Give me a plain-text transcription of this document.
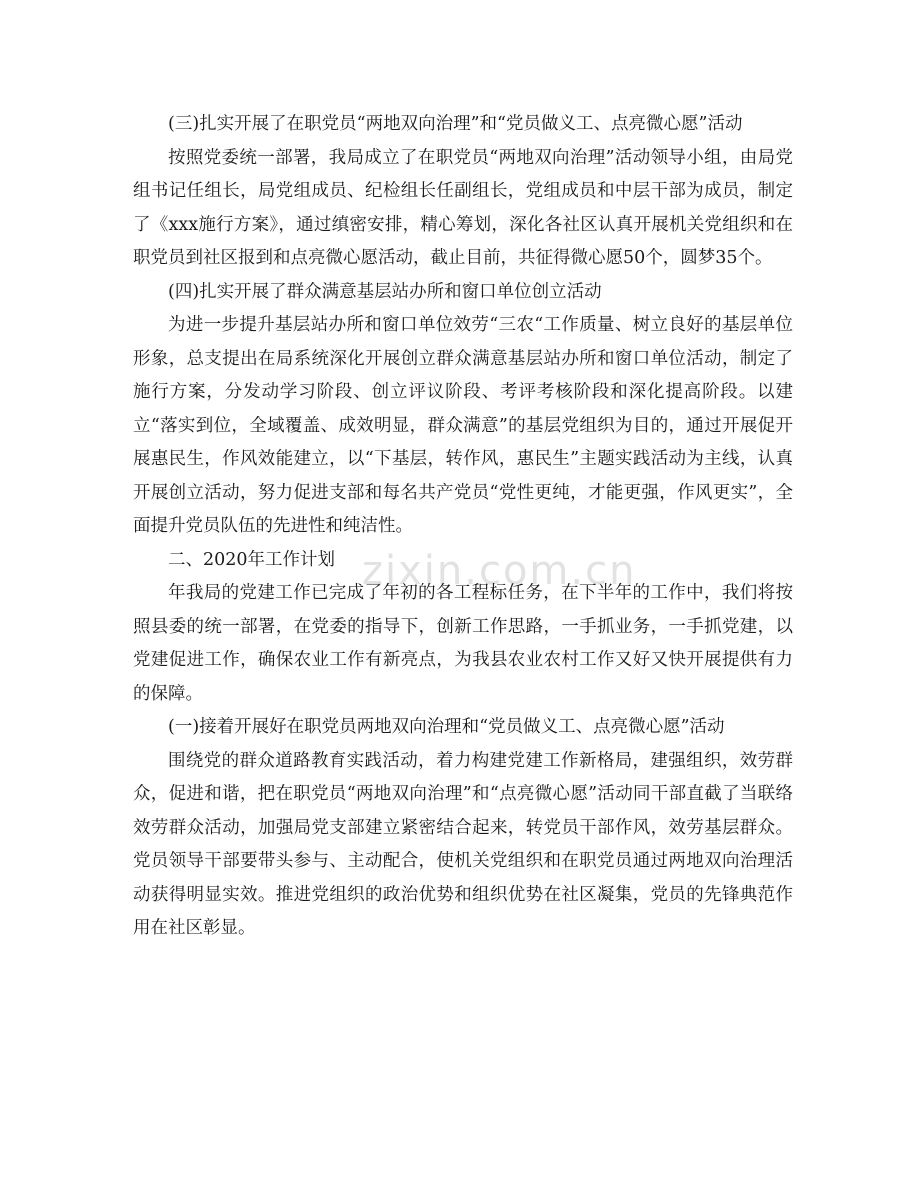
zixin.com.cn

(三)扎实开展了在职党员“两地双向治理”和“党员做义工、点亮微心愿”活动

按照党委统一部署，我局成立了在职党员“两地双向治理”活动领导小组，由局党组书记任组长，局党组成员、纪检组长任副组长，党组成员和中层干部为成员，制定了《xxx施行方案》，通过缜密安排，精心筹划，深化各社区认真开展机关党组织和在职党员到社区报到和点亮微心愿活动，截止目前，共征得微心愿50个，圆梦35个。

(四)扎实开展了群众满意基层站办所和窗口单位创立活动

为进一步提升基层站办所和窗口单位效劳“三农“工作质量、树立良好的基层单位形象，总支提出在局系统深化开展创立群众满意基层站办所和窗口单位活动，制定了施行方案，分发动学习阶段、创立评议阶段、考评考核阶段和深化提高阶段。以建立“落实到位，全域覆盖、成效明显，群众满意”的基层党组织为目的，通过开展促开展惠民生，作风效能建立，以“下基层，转作风，惠民生”主题实践活动为主线，认真开展创立活动，努力促进支部和每名共产党员“党性更纯，才能更强，作风更实”，全面提升党员队伍的先进性和纯洁性。

二、2020年工作计划

年我局的党建工作已完成了年初的各工程标任务，在下半年的工作中，我们将按照县委的统一部署，在党委的指导下，创新工作思路，一手抓业务，一手抓党建，以党建促进工作，确保农业工作有新亮点，为我县农业农村工作又好又快开展提供有力的保障。

(一)接着开展好在职党员两地双向治理和“党员做义工、点亮微心愿”活动

围绕党的群众道路教育实践活动，着力构建党建工作新格局，建强组织，效劳群众，促进和谐，把在职党员“两地双向治理”和“点亮微心愿”活动同干部直截了当联络效劳群众活动，加强局党支部建立紧密结合起来，转党员干部作风，效劳基层群众。党员领导干部要带头参与、主动配合，使机关党组织和在职党员通过两地双向治理活动获得明显实效。推进党组织的政治优势和组织优势在社区凝集，党员的先锋典范作用在社区彰显。
